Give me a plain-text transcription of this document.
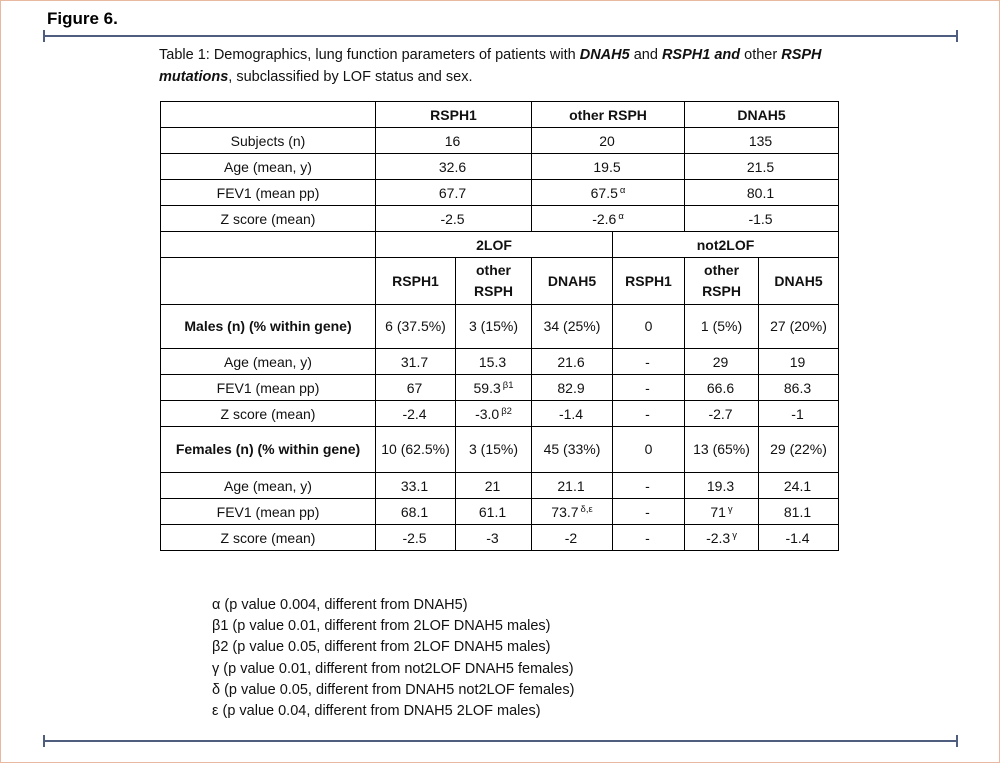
Figure 6.
Table 1: Demographics, lung function parameters of patients with DNAH5 and RSPH1 and other RSPH
mutations, subclassified by LOF status and sex.
	RSPH1		other RSPH		DNAH5	
Subjects (n)	16		20		135	
Age (mean, y)	32.6		19.5		21.5	
FEV1 (mean pp)	67.7		67.5 $^\alpha$		80.1	
Z score (mean)	-2.5		-2.6 $^\alpha$		-1.5	
	2LOF			not2LOF		
	RSPH1	other RSPH	DNAH5	RSPH1	other RSPH	DNAH5
Males (n) (% within gene)	6 (37.5%)	3 (15%)	34 (25%)	0	1 (5%)	27 (20%)
Age (mean, y)	31.7	15.3	21.6	-	29	19
FEV1 (mean pp)	67	59.3 $^{\beta 1}$	82.9	-	66.6	86.3
Z score (mean)	-2.4	-3.0 $^{\beta 2}$	-1.4	-	-2.7	-1
Females (n) (% within gene)	10 (62.5%)	3 (15%)	45 (33%)	0	13 (65%)	29 (22%)
Age (mean, y)	33.1	21	21.1	-	19.3	24.1
FEV1 (mean pp)	68.1	61.1	73.7 $^{\delta,\varepsilon}$	-	71 $^\gamma$	81.1
Z score (mean)	-2.5	-3	-2	-	-2.3 $^\gamma$	-1.4
α (p value 0.004, different from DNAH5)
β1 (p value 0.01, different from 2LOF DNAH5 males)
β2 (p value 0.05, different from 2LOF DNAH5 males)
γ (p value 0.01, different from not2LOF DNAH5 females)
δ (p value 0.05, different from DNAH5 not2LOF females)
ε (p value 0.04, different from DNAH5 2LOF males)
